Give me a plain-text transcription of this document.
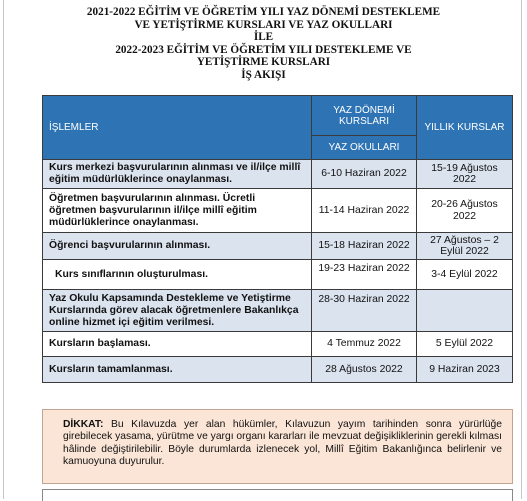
2021-2022 EĞİTİM VE ÖĞRETİM YILI YAZ DÖNEMİ DESTEKLEME
VE YETİŞTİRME KURSLARI VE YAZ OKULLARI
İLE
2022-2023 EĞİTİM VE ÖĞRETİM YILI DESTEKLEME VE
YETİŞTİRME KURSLARI
İŞ AKIŞI
İŞLEMLER	YAZ DÖNEMİ KURSLARI	YILLIK KURSLAR
	YAZ OKULLARI	
Kurs merkezi başvurularının alınması ve il/ilçe millî eğitim müdürlüklerince onaylanması.	6-10 Haziran 2022	15-19 Ağustos 2022
Öğretmen başvurularının alınması. Ücretli öğretmen başvurularının il/ilçe millî eğitim müdürlüklerince onaylanması.	11-14 Haziran 2022	20-26 Ağustos 2022
Öğrenci başvurularının alınması.	15-18 Haziran 2022	27 Ağustos – 2 Eylül 2022
Kurs sınıflarının oluşturulması.	19-23 Haziran 2022	3-4 Eylül 2022
Yaz Okulu Kapsamında Destekleme ve Yetiştirme Kurslarında görev alacak öğretmenlere Bakanlıkça online hizmet içi eğitim verilmesi.	28-30 Haziran 2022	
Kursların başlaması.	4 Temmuz 2022	5 Eylül 2022
Kursların tamamlanması.	28 Ağustos 2022	9 Haziran 2023
DİKKAT: Bu Kılavuzda yer alan hükümler, Kılavuzun yayım tarihinden sonra yürürlüğe girebilecek yasama, yürütme ve yargı organı kararları ile mevzuat değişikliklerinin gerekli kılması hâlinde değiştirilebilir. Böyle durumlarda izlenecek yol, Millî Eğitim Bakanlığınca belirlenir ve kamuoyuna duyurulur.
